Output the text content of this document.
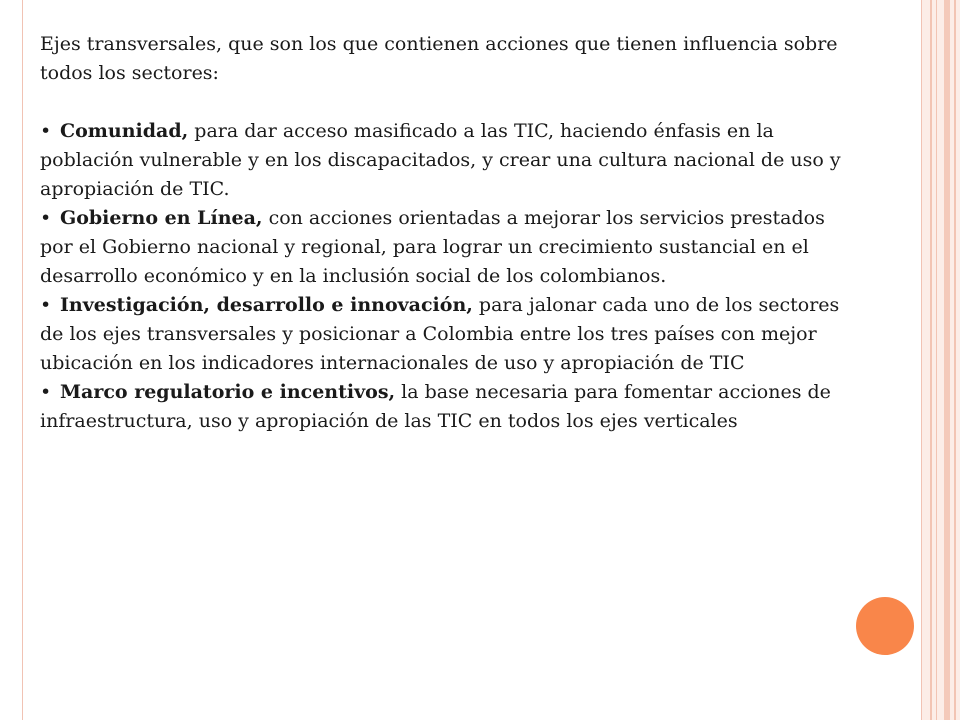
Ejes transversales, que son los que contienen acciones que tienen influencia sobre todos los sectores:

• Comunidad, para dar acceso masificado a las TIC, haciendo énfasis en la población vulnerable y en los discapacitados, y crear una cultura nacional de uso y apropiación de TIC.

• Gobierno en Línea, con acciones orientadas a mejorar los servicios prestados por el Gobierno nacional y regional, para lograr un crecimiento sustancial en el desarrollo económico y en la inclusión social de los colombianos.

• Investigación, desarrollo e innovación, para jalonar cada uno de los sectores de los ejes transversales y posicionar a Colombia entre los tres países con mejor ubicación en los indicadores internacionales de uso y apropiación de TIC

• Marco regulatorio e incentivos, la base necesaria para fomentar acciones de infraestructura, uso y apropiación de las TIC en todos los ejes verticales
